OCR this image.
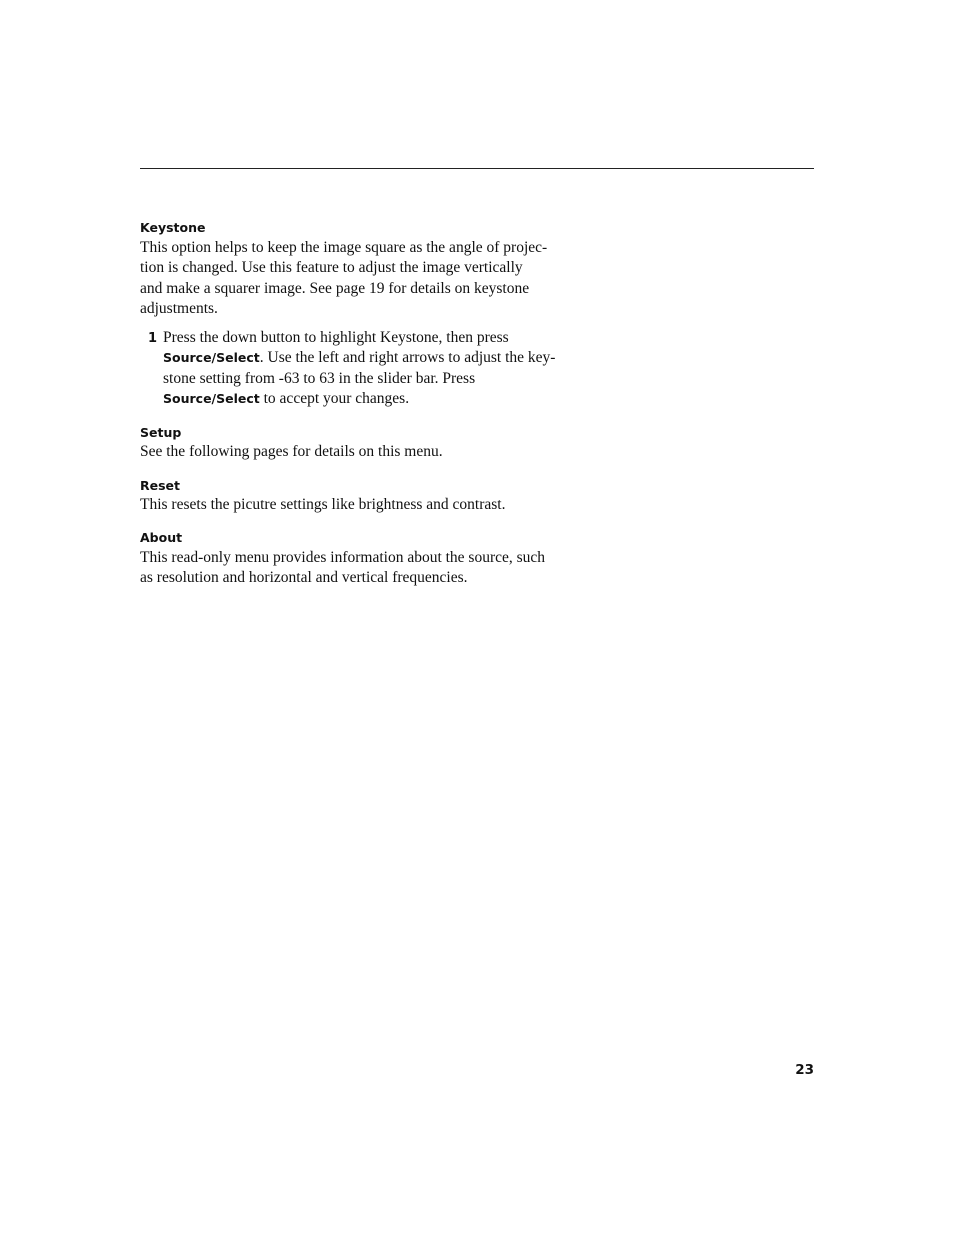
Keystone
This option helps to keep the image square as the angle of projec-
tion is changed. Use this feature to adjust the image vertically
and make a squarer image. See page 19 for details on keystone
adjustments.
1 Press the down button to highlight Keystone, then press
Source/Select. Use the left and right arrows to adjust the key-
stone setting from -63 to 63 in the slider bar. Press
Source/Select to accept your changes.
Setup
See the following pages for details on this menu.
Reset
This resets the picutre settings like brightness and contrast.
About
This read-only menu provides information about the source, such
as resolution and horizontal and vertical frequencies.
23
